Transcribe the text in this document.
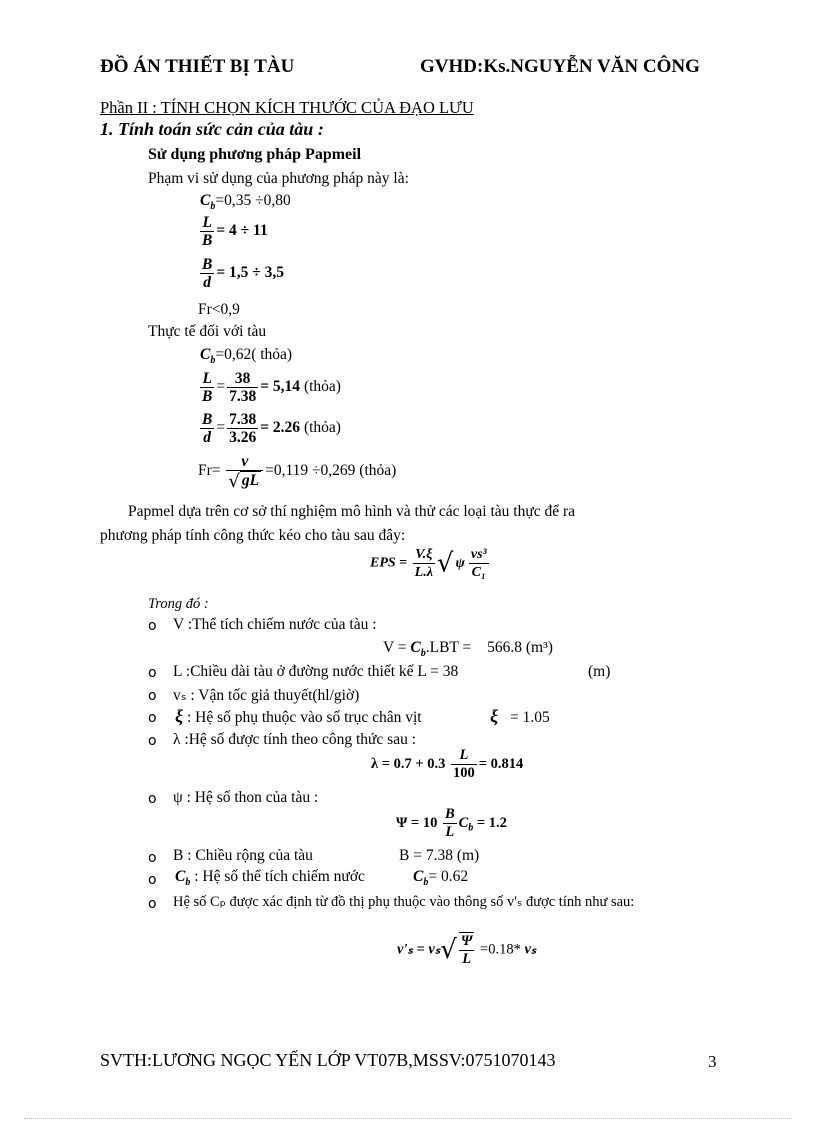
ĐỒ ÁN THIẾT BỊ TÀU	GVHD:Ks.NGUYỄN VĂN CÔNG
Phần II : TÍNH CHỌN KÍCH THƯỚC CỦA ĐẠO LƯU
1. Tính toán sức cản của tàu :
Sử dụng phương pháp Papmeil
Phạm vi sử dụng của phương pháp này là:
$C_b=0,35 \div 0,80$
$\frac{L}{B} = 4 \div 11$
$\frac{B}{d} = 1,5 \div 3,5$
Fr<0,9
Thực tế đối với tàu
$C_b=0,62$( thỏa)
$\frac{L}{B} = \frac{38}{7.38} = 5,14$ (thỏa)
$\frac{B}{d} = \frac{7.38}{3.26} = 2.26$ (thỏa)
$Fr= \frac{v}{√ gL} =0,119 \div 0,269$ (thỏa)
Papmel dựa trên cơ sở thí nghiệm mô hình và thử các loại tàu thực để ra
phương pháp tính công thức kéo cho tàu sau đây:
EPS = $\frac{V.\xi}{L.\lambda}$ √ ψ $\frac{\text{vs³}}{\text{C₁}}$
Trong đó :
o V :Thể tích chiếm nước của tàu :
$V = C_b.LBT = 566.8$ (m³)
o L :Chiều dài tàu ở đường nước thiết kế L = 38	(m)
o vₛ : Vận tốc giả thuyết(hl/giờ)
o ξ : Hệ số phụ thuộc vào số trục chân vịt	ξ = 1.05
o λ :Hệ số được tính theo công thức sau :
$\lambda = 0.7 + 0.3 \frac{L}{100} = 0.814$
o ψ : Hệ số thon của tàu :
$\Psi = 10 \frac{B}{L} C_b = 1.2$
o B : Chiều rộng của tàu	B = 7.38 (m)
o $C_b$ : Hệ số thể tích chiếm nước	$C_b= 0.62$
o Hệ số Cₚ được xác định từ đồ thị phụ thuộc vào thông số v'ₛ được tính như sau:
$v'_s = v_s√ \frac{\Psi}{L} =0.18*$ vₛ
SVTH:LƯƠNG NGỌC YẾN LỚP VT07B,MSSV:0751070143	3
